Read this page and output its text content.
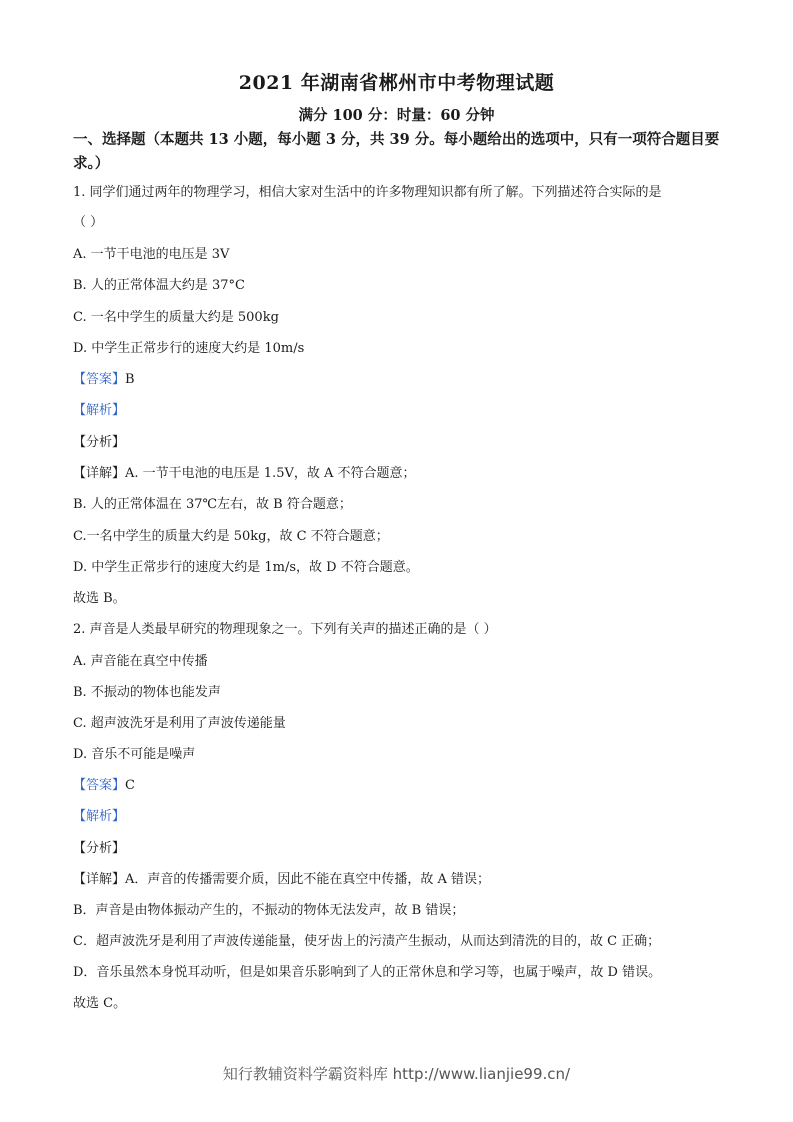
2021 年湖南省郴州市中考物理试题
满分 100 分：时量：60 分钟
一、选择题（本题共 13 小题，每小题 3 分，共 39 分。每小题给出的选项中，只有一项符合题目要求。）
1. 同学们通过两年的物理学习，相信大家对生活中的许多物理知识都有所了解。下列描述符合实际的是
（ ）
A. 一节干电池的电压是 3V
B. 人的正常体温大约是 37°C
C. 一名中学生的质量大约是 500kg
D. 中学生正常步行的速度大约是 10m/s
【答案】B
【解析】
【分析】
【详解】A. 一节干电池的电压是 1.5V，故 A 不符合题意；
B. 人的正常体温在 37℃左右，故 B 符合题意；
C.一名中学生的质量大约是 50kg，故 C 不符合题意；
D. 中学生正常步行的速度大约是 1m/s，故 D 不符合题意。
故选 B。
2. 声音是人类最早研究的物理现象之一。下列有关声的描述正确的是（ ）
A. 声音能在真空中传播
B. 不振动的物体也能发声
C. 超声波洗牙是利用了声波传递能量
D. 音乐不可能是噪声
【答案】C
【解析】
【分析】
【详解】A．声音的传播需要介质，因此不能在真空中传播，故 A 错误；
B．声音是由物体振动产生的，不振动的物体无法发声，故 B 错误；
C．超声波洗牙是利用了声波传递能量，使牙齿上的污渍产生振动，从而达到清洗的目的，故 C 正确；
D．音乐虽然本身悦耳动听，但是如果音乐影响到了人的正常休息和学习等，也属于噪声，故 D 错误。
故选 C。
知行教辅资料学霸资料库 http://www.lianjie99.cn/
